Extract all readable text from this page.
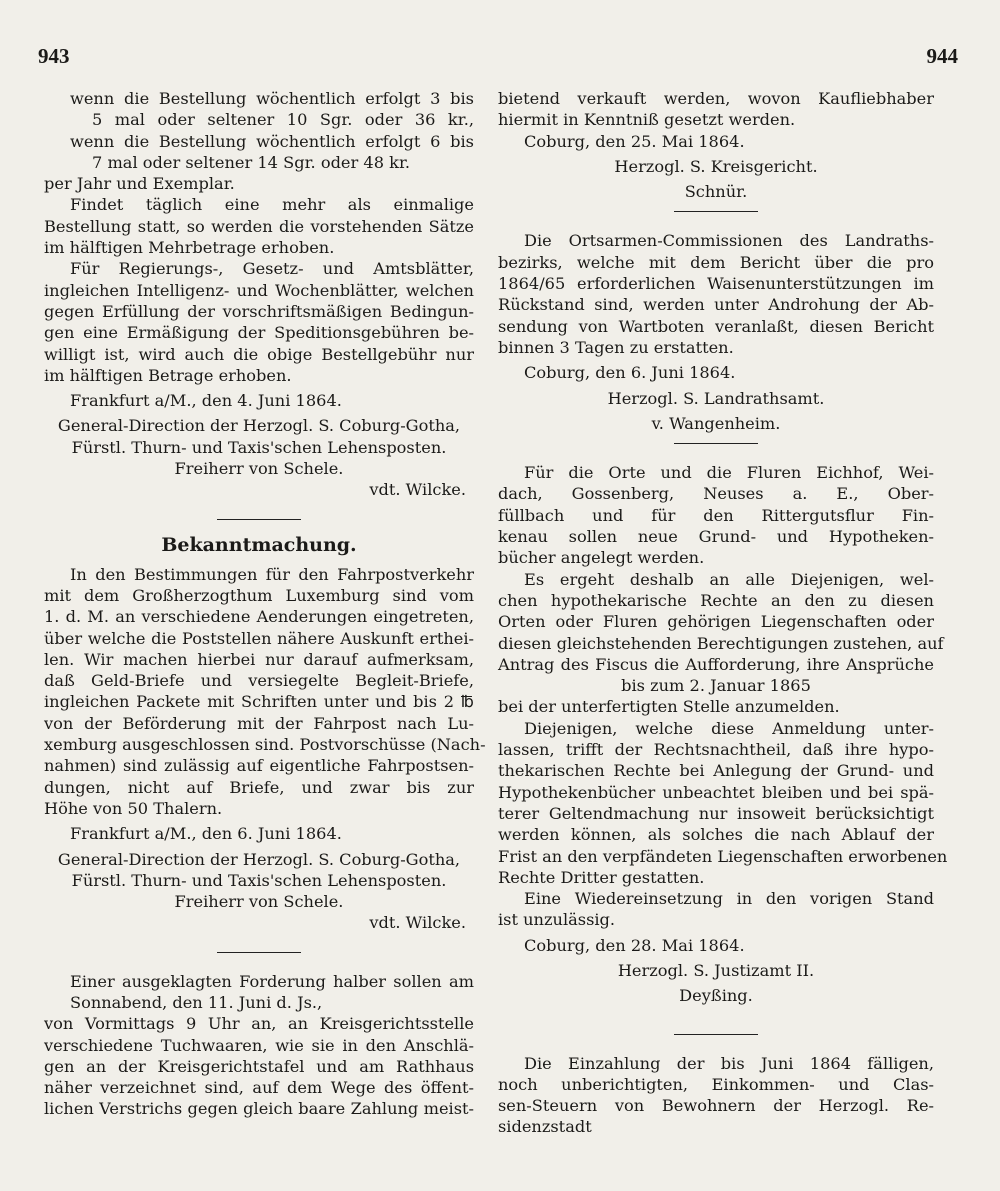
943	944

wenn die Bestellung wöchentlich erfolgt 3 bis

5 mal oder seltener 10 Sgr. oder 36 kr.,

wenn die Bestellung wöchentlich erfolgt 6 bis

7 mal oder seltener 14 Sgr. oder 48 kr.

per Jahr und Exemplar.

Findet täglich eine mehr als einmalige

Bestellung statt, so werden die vorstehenden Sätze

im hälftigen Mehrbetrage erhoben.

Für Regierungs-, Gesetz- und Amtsblätter,

ingleichen Intelligenz- und Wochenblätter, welchen

gegen Erfüllung der vorschriftsmäßigen Bedingun-

gen eine Ermäßigung der Speditionsgebühren be-

willigt ist, wird auch die obige Bestellgebühr nur

im hälftigen Betrage erhoben.

Frankfurt a/M., den 4. Juni 1864.

General-Direction der Herzogl. S. Coburg-Gotha,

Fürstl. Thurn- und Taxis'schen Lehensposten.

Freiherr von Schele.

vdt. Wilcke.

Bekanntmachung.

In den Bestimmungen für den Fahrpostverkehr

mit dem Großherzogthum Luxemburg sind vom

1. d. M. an verschiedene Aenderungen eingetreten,

über welche die Poststellen nähere Auskunft erthei-

len. Wir machen hierbei nur darauf aufmerksam,

daß Geld-Briefe und versiegelte Begleit-Briefe,

ingleichen Packete mit Schriften unter und bis 2 ℔

von der Beförderung mit der Fahrpost nach Lu-

xemburg ausgeschlossen sind. Postvorschüsse (Nach-

nahmen) sind zulässig auf eigentliche Fahrpostsen-

dungen, nicht auf Briefe, und zwar bis zur

Höhe von 50 Thalern.

Frankfurt a/M., den 6. Juni 1864.

General-Direction der Herzogl. S. Coburg-Gotha,

Fürstl. Thurn- und Taxis'schen Lehensposten.

Freiherr von Schele.

vdt. Wilcke.

Einer ausgeklagten Forderung halber sollen am

Sonnabend, den 11. Juni d. Js.,

von Vormittags 9 Uhr an, an Kreisgerichtsstelle

verschiedene Tuchwaaren, wie sie in den Anschlä-

gen an der Kreisgerichtstafel und am Rathhaus

näher verzeichnet sind, auf dem Wege des öffent-

lichen Verstrichs gegen gleich baare Zahlung meist-

bietend verkauft werden, wovon Kaufliebhaber

hiermit in Kenntniß gesetzt werden.

Coburg, den 25. Mai 1864.

Herzogl. S. Kreisgericht.

Schnür.

Die Ortsarmen-Commissionen des Landraths-

bezirks, welche mit dem Bericht über die pro

1864/65 erforderlichen Waisenunterstützungen im

Rückstand sind, werden unter Androhung der Ab-

sendung von Wartboten veranlaßt, diesen Bericht

binnen 3 Tagen zu erstatten.

Coburg, den 6. Juni 1864.

Herzogl. S. Landrathsamt.

v. Wangenheim.

Für die Orte und die Fluren Eichhof, Wei-

dach, Gossenberg, Neuses a. E., Ober-

füllbach und für den Rittergutsflur Fin-

kenau sollen neue Grund- und Hypotheken-

bücher angelegt werden.

Es ergeht deshalb an alle Diejenigen, wel-

chen hypothekarische Rechte an den zu diesen

Orten oder Fluren gehörigen Liegenschaften oder

diesen gleichstehenden Berechtigungen zustehen, auf

Antrag des Fiscus die Aufforderung, ihre Ansprüche

bis zum 2. Januar 1865

bei der unterfertigten Stelle anzumelden.

Diejenigen, welche diese Anmeldung unter-

lassen, trifft der Rechtsnachtheil, daß ihre hypo-

thekarischen Rechte bei Anlegung der Grund- und

Hypothekenbücher unbeachtet bleiben und bei spä-

terer Geltendmachung nur insoweit berücksichtigt

werden können, als solches die nach Ablauf der

Frist an den verpfändeten Liegenschaften erworbenen

Rechte Dritter gestatten.

Eine Wiedereinsetzung in den vorigen Stand

ist unzulässig.

Coburg, den 28. Mai 1864.

Herzogl. S. Justizamt II.

Deyßing.

Die Einzahlung der bis Juni 1864 fälligen,

noch unberichtigten, Einkommen- und Clas-

sen-Steuern von Bewohnern der Herzogl. Re-

sidenzstadt
